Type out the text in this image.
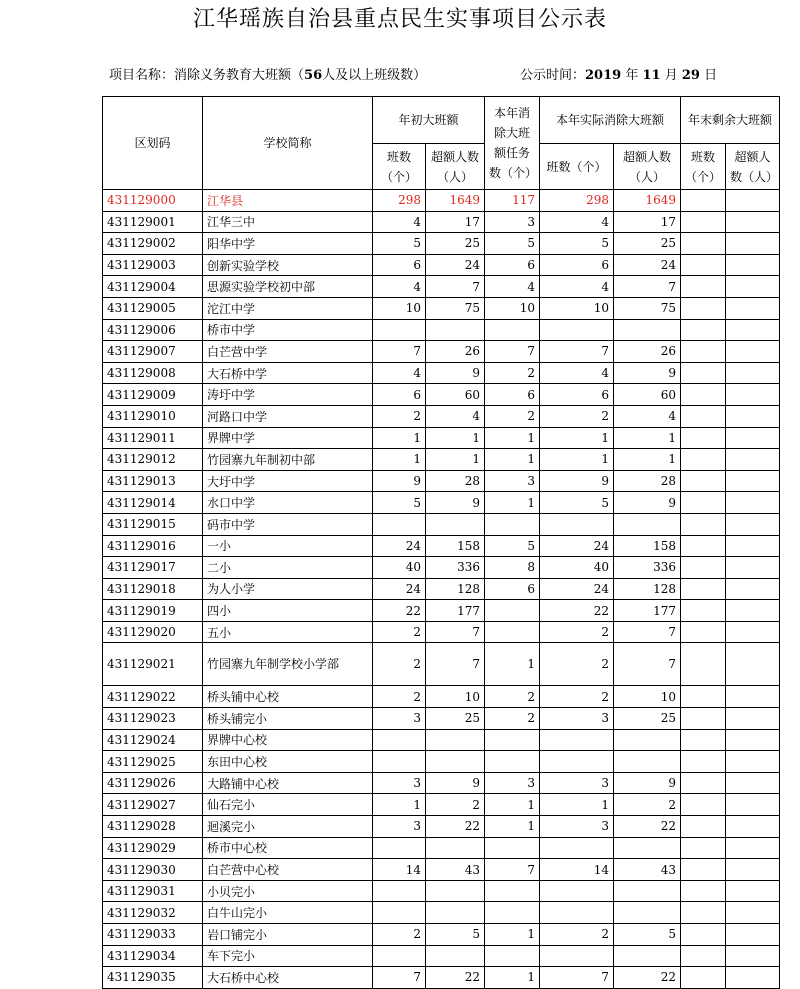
江华瑶族自治县重点民生实事项目公示表
项目名称：消除义务教育大班额（56人及以上班级数）	公示时间：2019 年 11 月 29 日
区划码	学校简称	年初大班额		本年消除大班额任务数（个）	本年实际消除大班额		年末剩余大班额	
		班数（个）	超额人数（人）		班数（个）	超额人数（人）	班数（个）	超额人数（人）
431129000	江华县	298	1649	117	298	1649		
431129001	江华三中	4	17	3	4	17		
431129002	阳华中学	5	25	5	5	25		
431129003	创新实验学校	6	24	6	6	24		
431129004	思源实验学校初中部	4	7	4	4	7		
431129005	沱江中学	10	75	10	10	75		
431129006	桥市中学							
431129007	白芒营中学	7	26	7	7	26		
431129008	大石桥中学	4	9	2	4	9		
431129009	涛圩中学	6	60	6	6	60		
431129010	河路口中学	2	4	2	2	4		
431129011	界牌中学	1	1	1	1	1		
431129012	竹园寨九年制初中部	1	1	1	1	1		
431129013	大圩中学	9	28	3	9	28		
431129014	水口中学	5	9	1	5	9		
431129015	码市中学							
431129016	一小	24	158	5	24	158		
431129017	二小	40	336	8	40	336		
431129018	为人小学	24	128	6	24	128		
431129019	四小	22	177		22	177		
431129020	五小	2	7		2	7		
431129021	竹园寨九年制学校小学部	2	7	1	2	7		
431129022	桥头铺中心校	2	10	2	2	10		
431129023	桥头铺完小	3	25	2	3	25		
431129024	界牌中心校							
431129025	东田中心校							
431129026	大路铺中心校	3	9	3	3	9		
431129027	仙石完小	1	2	1	1	2		
431129028	迴溪完小	3	22	1	3	22		
431129029	桥市中心校							
431129030	白芒营中心校	14	43	7	14	43		
431129031	小贝完小							
431129032	白牛山完小							
431129033	岩口铺完小	2	5	1	2	5		
431129034	车下完小							
431129035	大石桥中心校	7	22	1	7	22		
